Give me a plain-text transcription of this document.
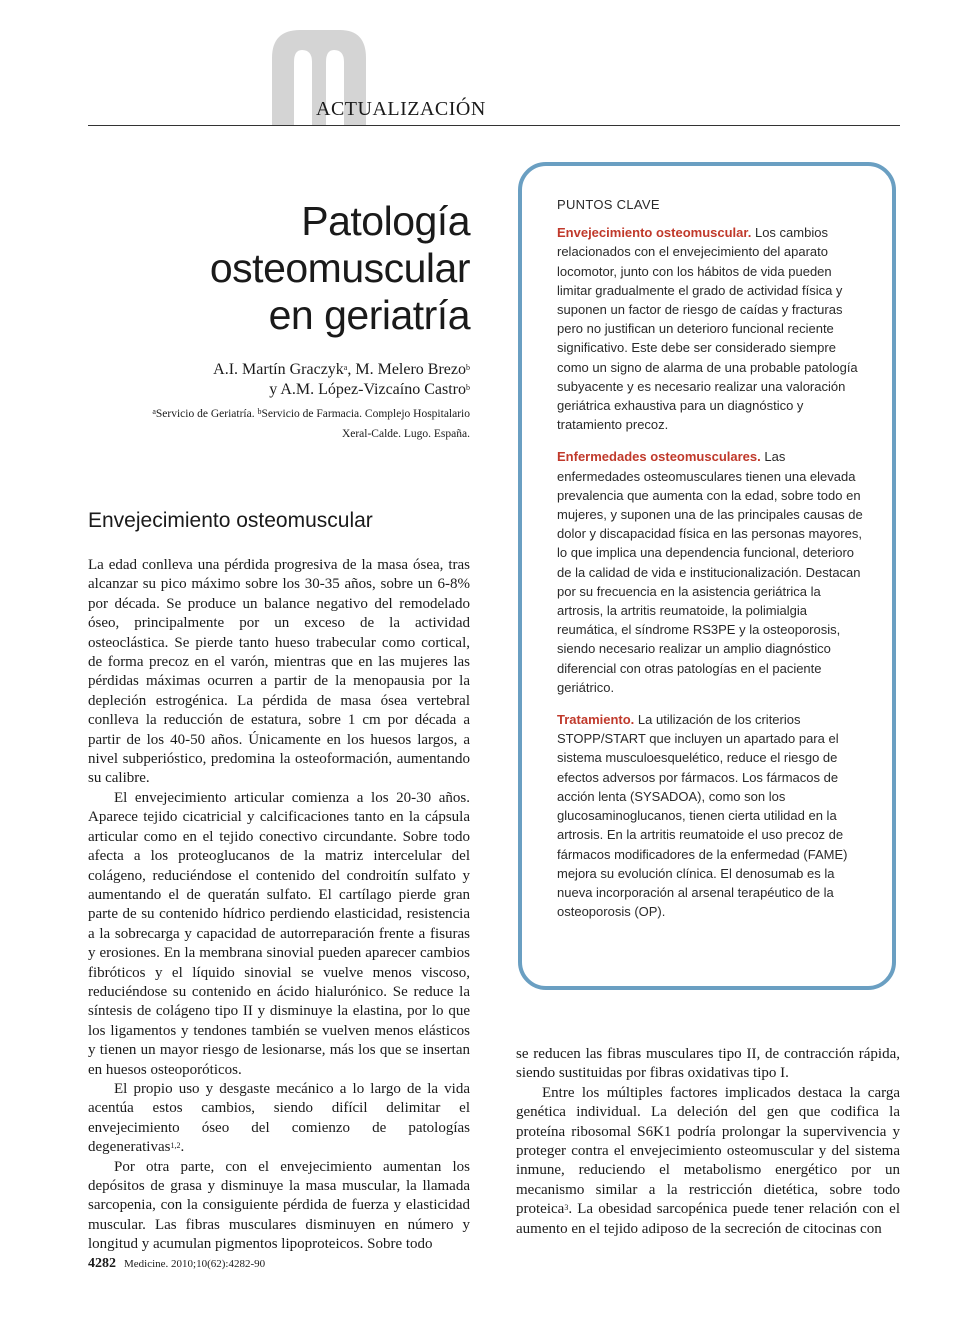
ACTUALIZACIÓN
Patología
osteomuscular
en geriatría
A.I. Martín Graczyk$^a$, M. Melero Brezo$^b$
y A.M. López-Vizcaíno Castro$^b$
$^a$Servicio de Geriatría. $^b$Servicio de Farmacia. Complejo Hospitalario
Xeral-Calde. Lugo. España.
Envejecimiento osteomuscular

La edad conlleva una pérdida progresiva de la masa ósea, tras alcanzar su pico máximo sobre los 30-35 años, sobre un 6-8% por década. Se produce un balance negativo del remodelado óseo, principalmente por un exceso de la actividad osteoclástica. Se pierde tanto hueso trabecular como cortical, de forma precoz en el varón, mientras que en las mujeres las pérdidas máximas ocurren a partir de la menopausia por la depleción estrogénica. La pérdida de masa ósea vertebral conlleva la reducción de estatura, sobre 1 cm por década a partir de los 40-50 años. Únicamente en los huesos largos, a nivel subperióstico, predomina la osteoformación, aumentando su calibre.

El envejecimiento articular comienza a los 20-30 años. Aparece tejido cicatricial y calcificaciones tanto en la cápsula articular como en el tejido conectivo circundante. Sobre todo afecta a los proteoglucanos de la matriz intercelular del colágeno, reduciéndose el contenido del condroitín sulfato y aumentando el de queratán sulfato. El cartílago pierde gran parte de su contenido hídrico perdiendo elasticidad, resistencia a la sobrecarga y capacidad de autorreparación frente a fisuras y erosiones. En la membrana sinovial pueden aparecer cambios fibróticos y el líquido sinovial se vuelve menos viscoso, reduciéndose su contenido en ácido hialurónico. Se reduce la síntesis de colágeno tipo II y disminuye la elastina, por lo que los ligamentos y tendones también se vuelven menos elásticos y tienen un mayor riesgo de lesionarse, más los que se insertan en huesos osteoporóticos.

El propio uso y desgaste mecánico a lo largo de la vida acentúa estos cambios, siendo difícil delimitar el envejecimiento óseo del comienzo de patologías degenerativas$^{1,2}$.

Por otra parte, con el envejecimiento aumentan los depósitos de grasa y disminuye la masa muscular, la llamada sarcopenia, con la consiguiente pérdida de fuerza y elasticidad muscular. Las fibras musculares disminuyen en número y longitud y acumulan pigmentos lipoproteicos. Sobre todo

PUNTOS CLAVE

Envejecimiento osteomuscular. Los cambios relacionados con el envejecimiento del aparato locomotor, junto con los hábitos de vida pueden limitar gradualmente el grado de actividad física y suponen un factor de riesgo de caídas y fracturas pero no justifican un deterioro funcional reciente significativo. Este debe ser considerado siempre como un signo de alarma de una probable patología subyacente y es necesario realizar una valoración geriátrica exhaustiva para un diagnóstico y tratamiento precoz.

Enfermedades osteomusculares. Las enfermedades osteomusculares tienen una elevada prevalencia que aumenta con la edad, sobre todo en mujeres, y suponen una de las principales causas de dolor y discapacidad física en las personas mayores, lo que implica una dependencia funcional, deterioro de la calidad de vida e institucionalización. Destacan por su frecuencia en la asistencia geriátrica la artrosis, la artritis reumatoide, la polimialgia reumática, el síndrome RS3PE y la osteoporosis, siendo necesario realizar un amplio diagnóstico diferencial con otras patologías en el paciente geriátrico.

Tratamiento. La utilización de los criterios STOPP/START que incluyen un apartado para el sistema musculoesquelético, reduce el riesgo de efectos adversos por fármacos. Los fármacos de acción lenta (SYSADOA), como son los glucosaminoglucanos, tienen cierta utilidad en la artrosis. En la artritis reumatoide el uso precoz de fármacos modificadores de la enfermedad (FAME) mejora su evolución clínica. El denosumab es la nueva incorporación al arsenal terapéutico de la osteoporosis (OP).

se reducen las fibras musculares tipo II, de contracción rápida, siendo sustituidas por fibras oxidativas tipo I.

Entre los múltiples factores implicados destaca la carga genética individual. La deleción del gen que codifica la proteína ribosomal S6K1 podría prolongar la supervivencia y proteger contra el envejecimiento osteomuscular y del sistema inmune, reduciendo el metabolismo energético por un mecanismo similar a la restricción dietética, sobre todo proteica$^3$. La obesidad sarcopénica puede tener relación con el aumento en el tejido adiposo de la secreción de citocinas con

4282 Medicine. 2010;10(62):4282-90
